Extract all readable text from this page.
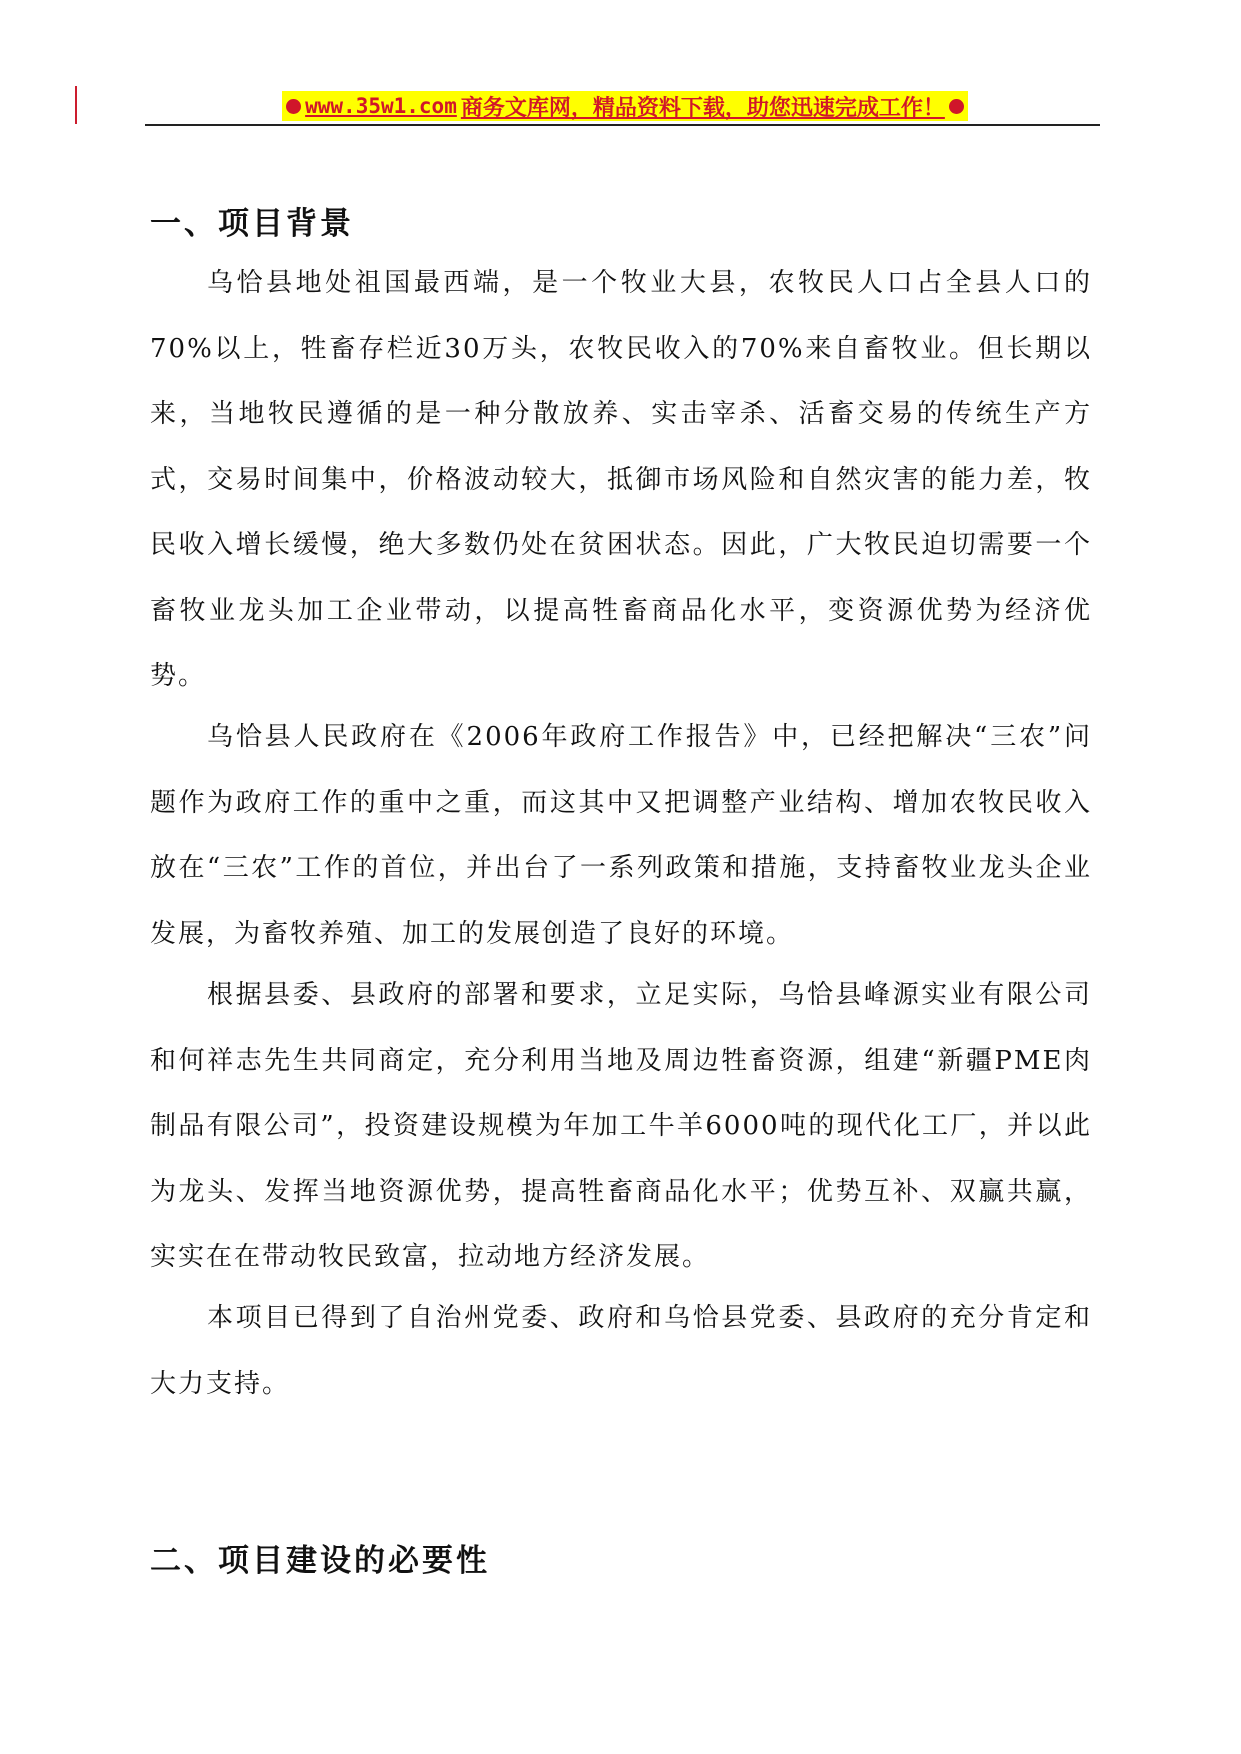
www.35w1.com 商务文库网，精品资料下载，助您迅速完成工作！
一、项目背景
乌恰县地处祖国最西端，是一个牧业大县，农牧民人口占全县人口的70%以上，牲畜存栏近30万头，农牧民收入的70%来自畜牧业。但长期以来，当地牧民遵循的是一种分散放养、实击宰杀、活畜交易的传统生产方式，交易时间集中，价格波动较大，抵御市场风险和自然灾害的能力差，牧民收入增长缓慢，绝大多数仍处在贫困状态。因此，广大牧民迫切需要一个畜牧业龙头加工企业带动，以提高牲畜商品化水平，变资源优势为经济优势。
乌恰县人民政府在《2006年政府工作报告》中，已经把解决“三农”问题作为政府工作的重中之重，而这其中又把调整产业结构、增加农牧民收入放在“三农”工作的首位，并出台了一系列政策和措施，支持畜牧业龙头企业发展，为畜牧养殖、加工的发展创造了良好的环境。
根据县委、县政府的部署和要求，立足实际，乌恰县峰源实业有限公司和何祥志先生共同商定，充分利用当地及周边牲畜资源，组建“新疆PME肉制品有限公司”，投资建设规模为年加工牛羊6000吨的现代化工厂，并以此为龙头、发挥当地资源优势，提高牲畜商品化水平；优势互补、双赢共赢，实实在在带动牧民致富，拉动地方经济发展。
本项目已得到了自治州党委、政府和乌恰县党委、县政府的充分肯定和大力支持。
二、项目建设的必要性
